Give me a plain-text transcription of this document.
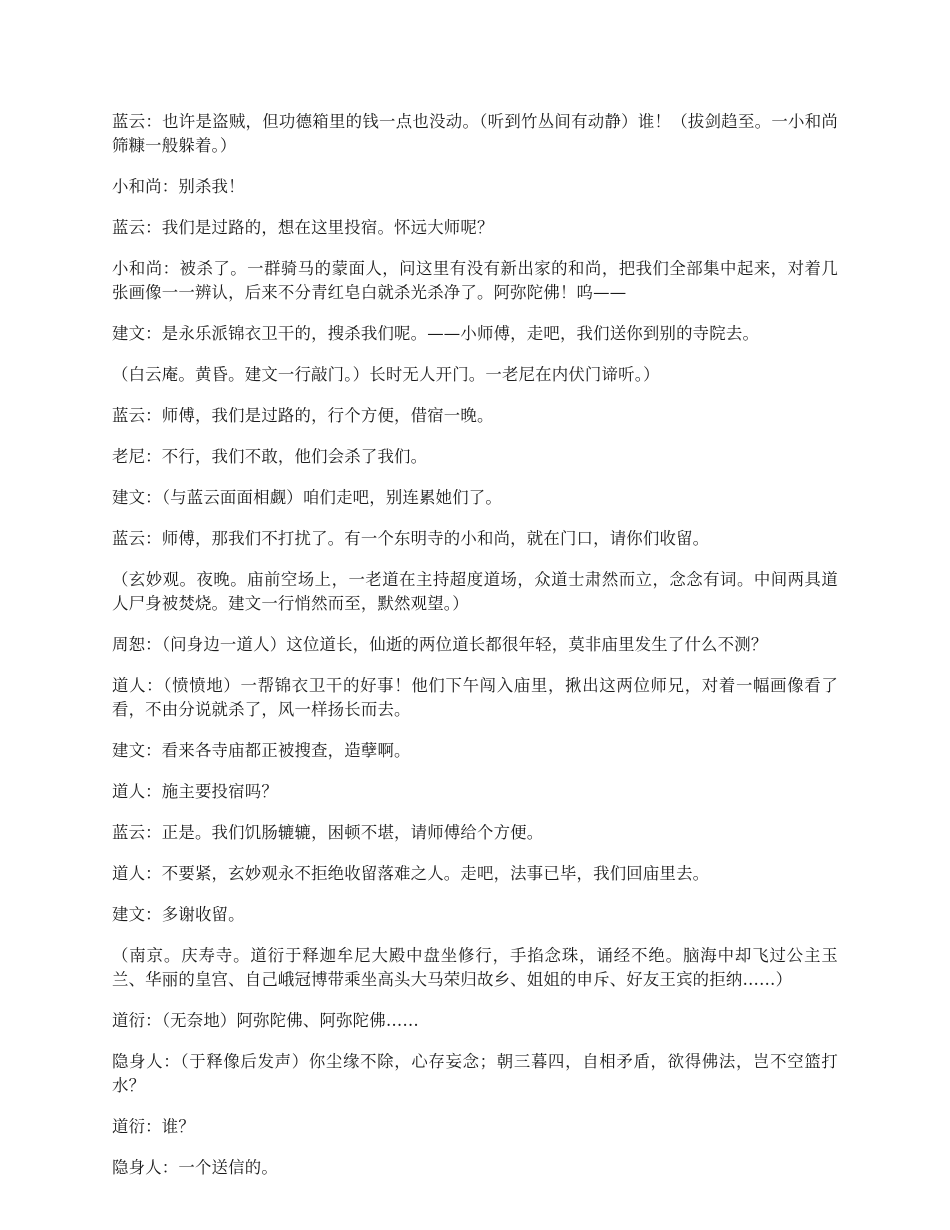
蓝云：也许是盗贼，但功德箱里的钱一点也没动。（听到竹丛间有动静）谁！（拔剑趋至。一小和尚筛糠一般躲着。）

小和尚：别杀我！

蓝云：我们是过路的，想在这里投宿。怀远大师呢？

小和尚：被杀了。一群骑马的蒙面人，问这里有没有新出家的和尚，把我们全部集中起来，对着几张画像一一辨认，后来不分青红皂白就杀光杀净了。阿弥陀佛！呜——

建文：是永乐派锦衣卫干的，搜杀我们呢。——小师傅，走吧，我们送你到别的寺院去。

（白云庵。黄昏。建文一行敲门。）长时无人开门。一老尼在内伏门谛听。）

蓝云：师傅，我们是过路的，行个方便，借宿一晚。

老尼：不行，我们不敢，他们会杀了我们。

建文：（与蓝云面面相觑）咱们走吧，别连累她们了。

蓝云：师傅，那我们不打扰了。有一个东明寺的小和尚，就在门口，请你们收留。

（玄妙观。夜晚。庙前空场上，一老道在主持超度道场，众道士肃然而立，念念有词。中间两具道人尸身被焚烧。建文一行悄然而至，默然观望。）

周恕：（问身边一道人）这位道长，仙逝的两位道长都很年轻，莫非庙里发生了什么不测？

道人：（愤愤地）一帮锦衣卫干的好事！他们下午闯入庙里，揪出这两位师兄，对着一幅画像看了看，不由分说就杀了，风一样扬长而去。

建文：看来各寺庙都正被搜查，造孽啊。

道人：施主要投宿吗？

蓝云：正是。我们饥肠辘辘，困顿不堪，请师傅给个方便。

道人：不要紧，玄妙观永不拒绝收留落难之人。走吧，法事已毕，我们回庙里去。

建文：多谢收留。

（南京。庆寿寺。道衍于释迦牟尼大殿中盘坐修行，手掐念珠，诵经不绝。脑海中却飞过公主玉兰、华丽的皇宫、自己峨冠博带乘坐高头大马荣归故乡、姐姐的申斥、好友王宾的拒纳……）

道衍：（无奈地）阿弥陀佛、阿弥陀佛……

隐身人：（于释像后发声）你尘缘不除，心存妄念；朝三暮四，自相矛盾，欲得佛法，岂不空篮打水？

道衍：谁？

隐身人：一个送信的。
